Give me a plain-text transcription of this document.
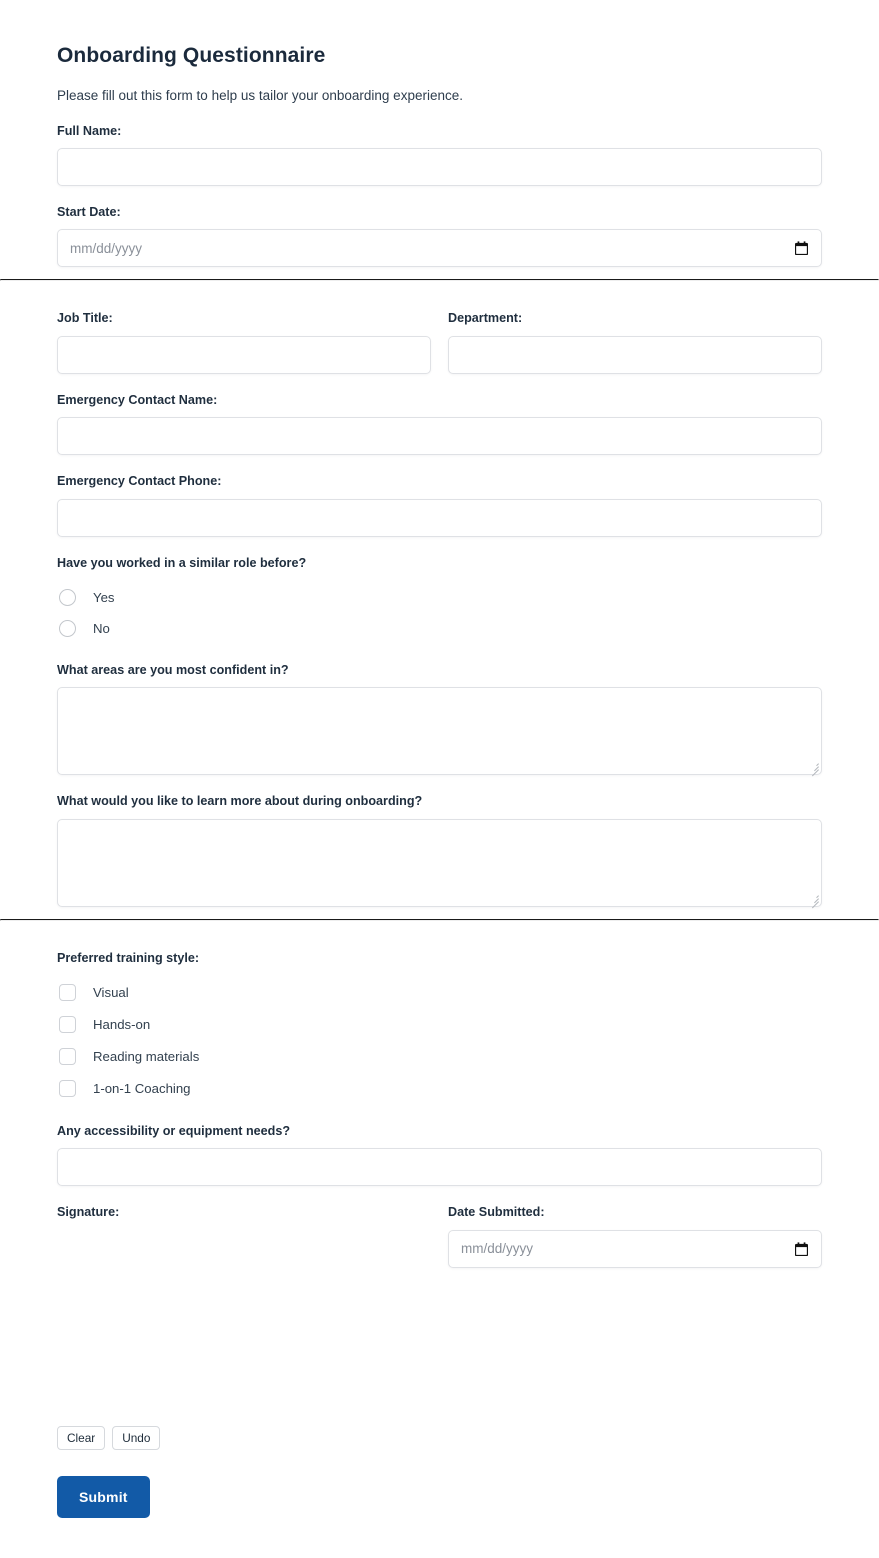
Onboarding Questionnaire

Please fill out this form to help us tailor your onboarding experience.

Full Name:
Start Date:
mm/dd/yyyy
Job Title:	Department:
Emergency Contact Name:
Emergency Contact Phone:
Have you worked in a similar role before?
Yes
No
What areas are you most confident in?
What would you like to learn more about during onboarding?
Preferred training style:
Visual
Hands-on
Reading materials
1-on-1 Coaching
Any accessibility or equipment needs?
Signature:
Clear	Undo
Date Submitted:
mm/dd/yyyy
Submit
